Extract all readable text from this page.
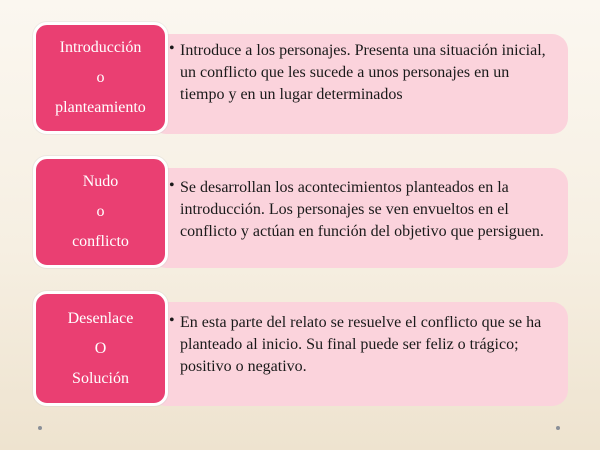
• Introduce a los personajes. Presenta una situación inicial, un conflicto que les sucede a unos personajes en un tiempo y en un lugar determinados
Introducción
o
planteamiento
• Se desarrollan los acontecimientos planteados en la introducción. Los personajes se ven envueltos en el conflicto y actúan en función del objetivo que persiguen.
Nudo
o
conflicto
• En esta parte del relato se resuelve el conflicto que se ha planteado al inicio. Su final puede ser feliz o trágico; positivo o negativo.
Desenlace
O
Solución
